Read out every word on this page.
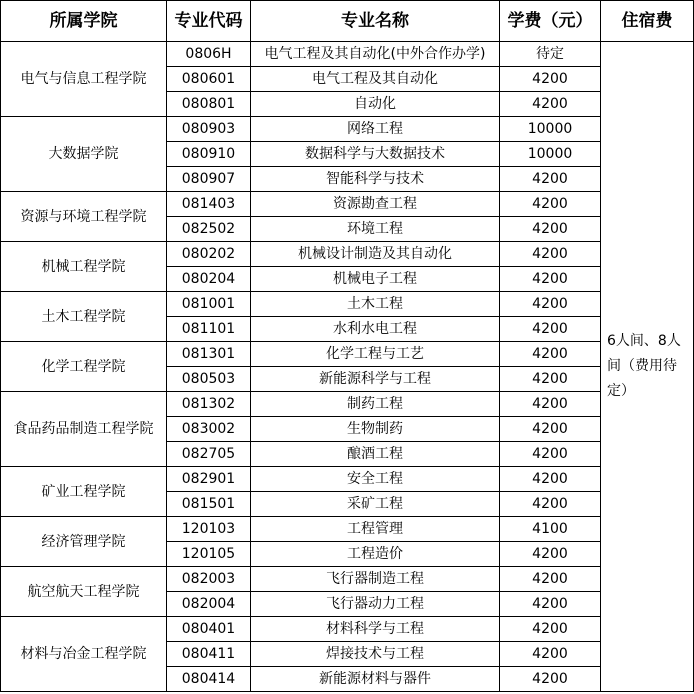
所属学院	专业代码	专业名称	学费（元）	住宿费
电气与信息工程学院	0806H	电气工程及其自动化(中外合作办学)	待定	6人间、8人间（费用待定）
	080601	电气工程及其自动化	4200	
	080801	自动化	4200	
大数据学院	080903	网络工程	10000	
	080910	数据科学与大数据技术	10000	
	080907	智能科学与技术	4200	
资源与环境工程学院	081403	资源勘查工程	4200	
	082502	环境工程	4200	
机械工程学院	080202	机械设计制造及其自动化	4200	
	080204	机械电子工程	4200	
土木工程学院	081001	土木工程	4200	
	081101	水利水电工程	4200	
化学工程学院	081301	化学工程与工艺	4200	
	080503	新能源科学与工程	4200	
食品药品制造工程学院	081302	制药工程	4200	
	083002	生物制药	4200	
	082705	酿酒工程	4200	
矿业工程学院	082901	安全工程	4200	
	081501	采矿工程	4200	
经济管理学院	120103	工程管理	4100	
	120105	工程造价	4200	
航空航天工程学院	082003	飞行器制造工程	4200	
	082004	飞行器动力工程	4200	
材料与冶金工程学院	080401	材料科学与工程	4200	
	080411	焊接技术与工程	4200	
	080414	新能源材料与器件	4200	
